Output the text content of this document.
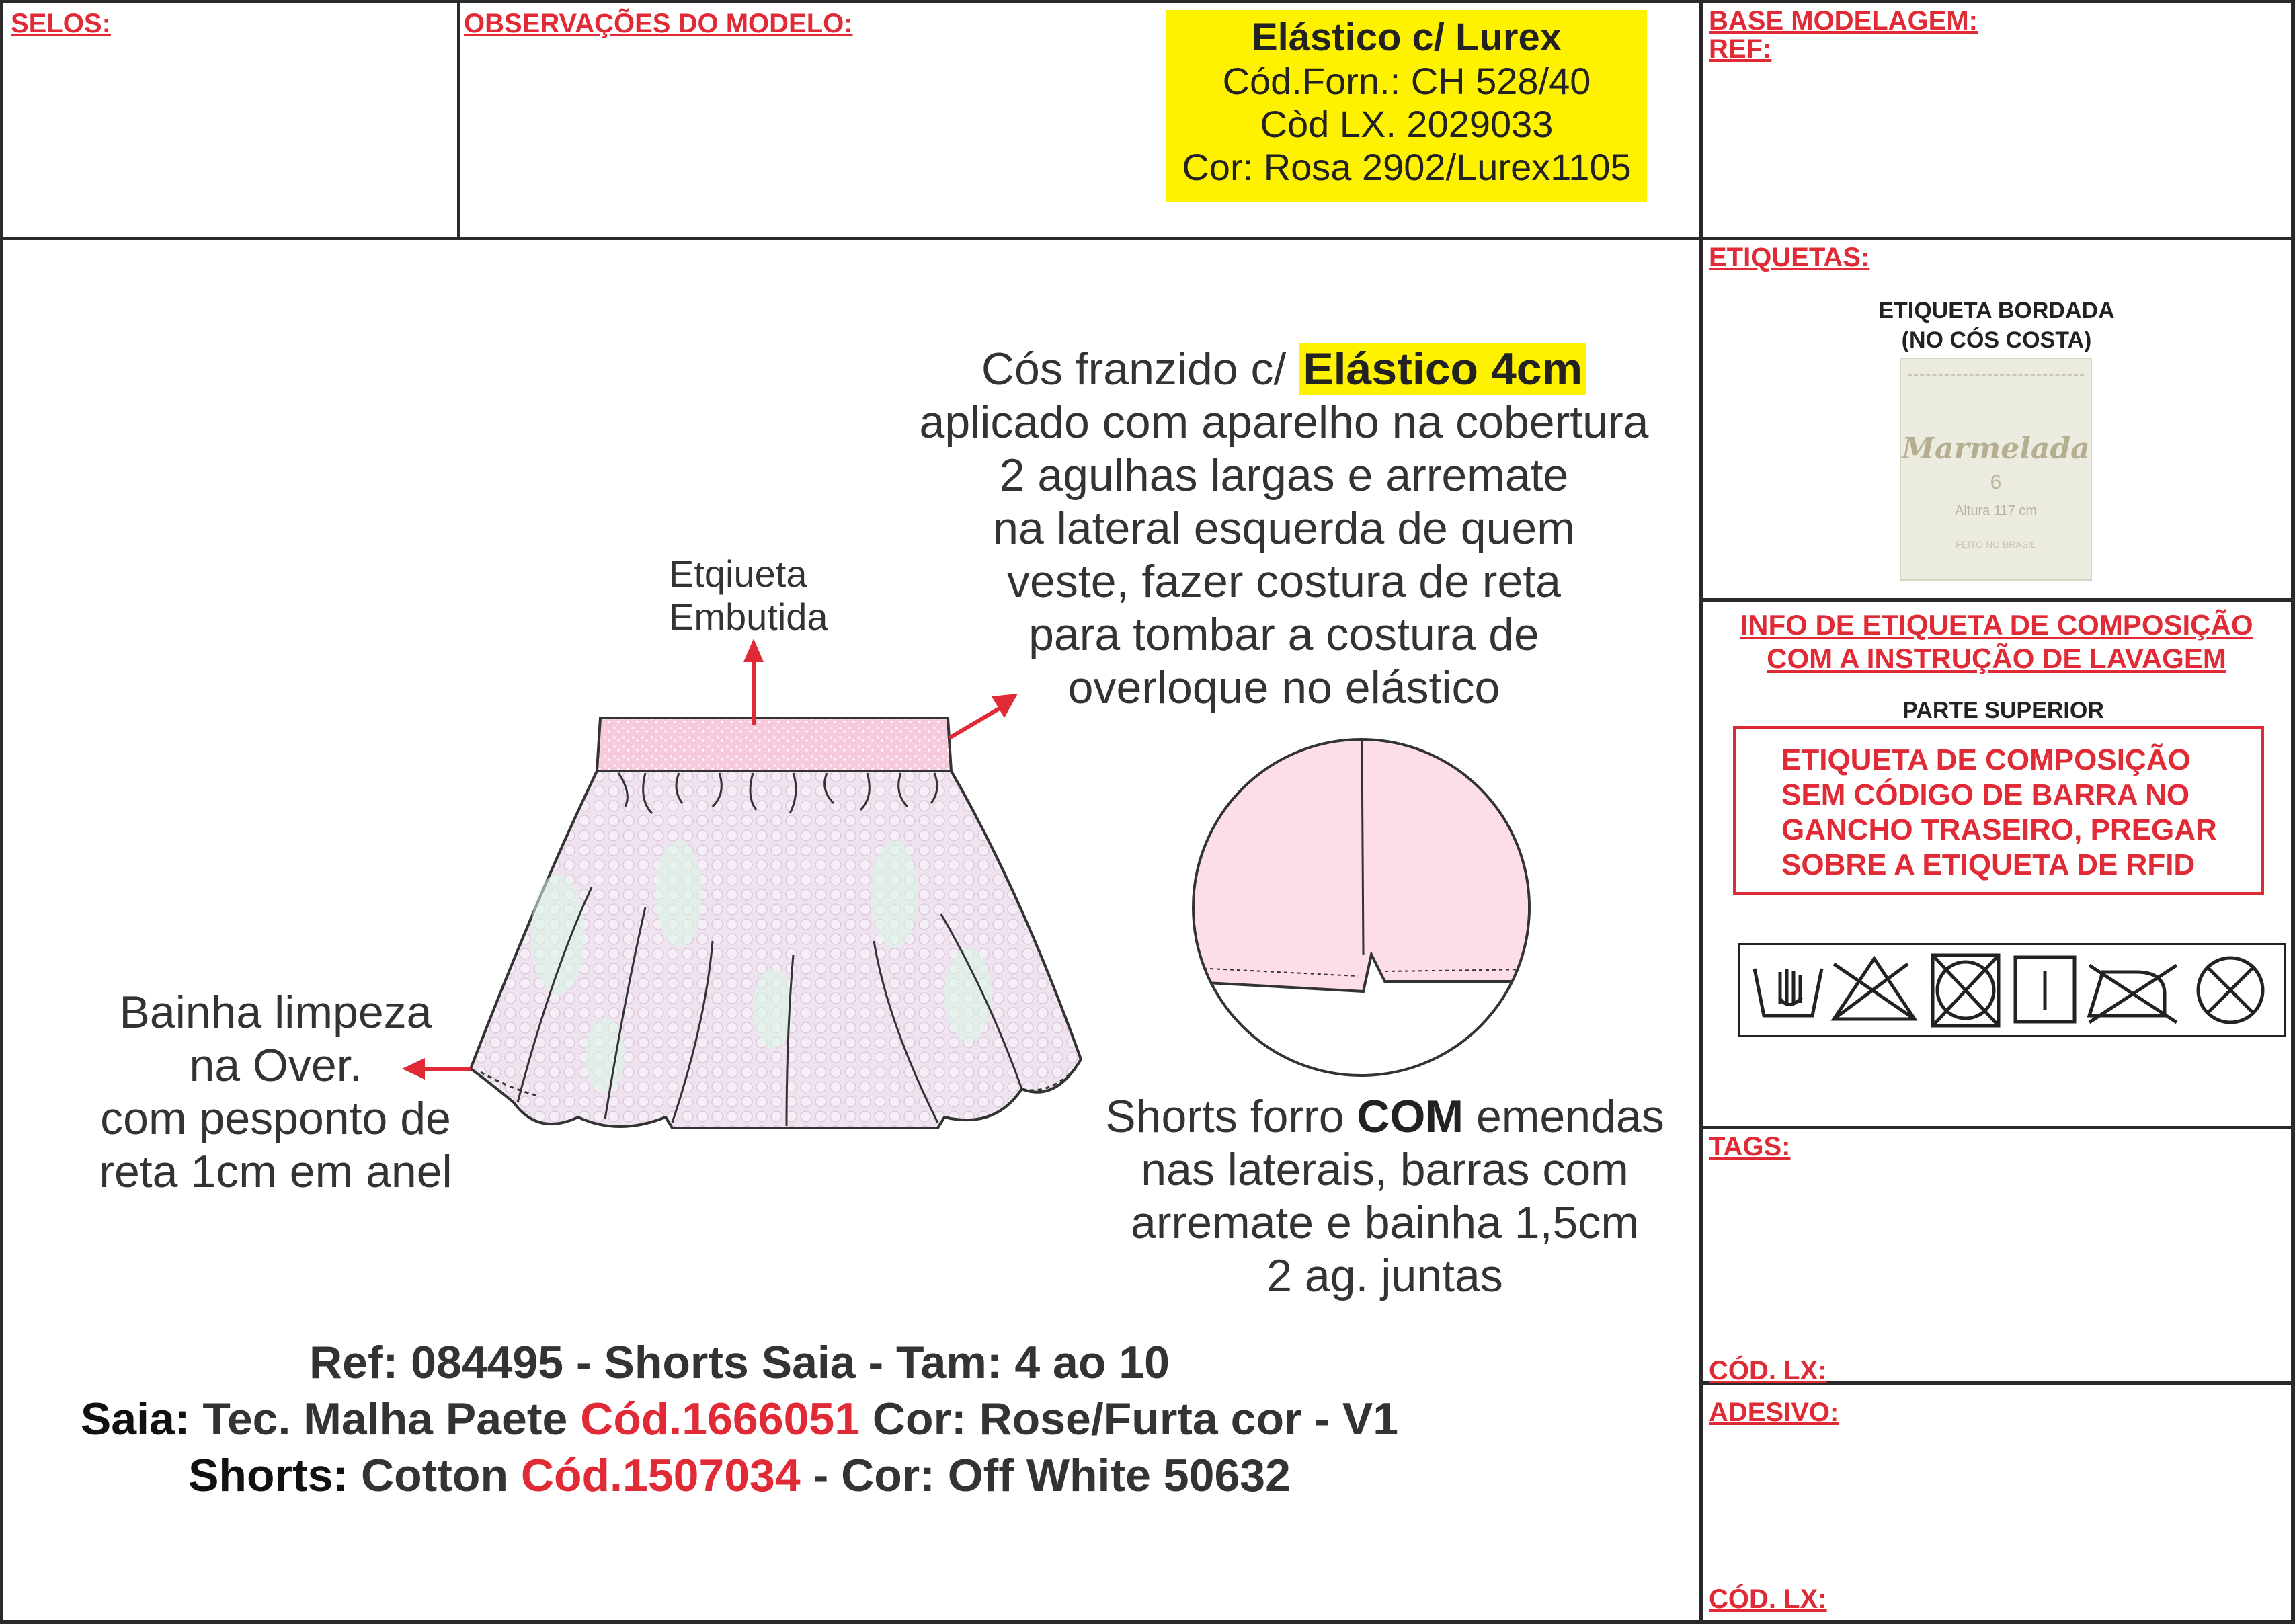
SELOS:	OBSERVAÇÕES DO MODELO:	Elástico c/ Lurex
Cód.Forn.: CH 528/40
Còd LX. 2029033
Cor: Rosa 2902/Lurex1105
BASE MODELAGEM:
REF:
ETIQUETAS:
ETIQUETA BORDADA
(NO CÓS COSTA)
Marmelada
6
Altura 117 cm
FEITO NO BRASIL
INFO DE ETIQUETA DE COMPOSIÇÃO
COM A INSTRUÇÃO DE LAVAGEM
PARTE SUPERIOR
ETIQUETA DE COMPOSIÇÃO
SEM CÓDIGO DE BARRA NO
GANCHO TRASEIRO, PREGAR
SOBRE A ETIQUETA DE RFID
TAGS:
CÓD. LX:
ADESIVO:
CÓD. LX:
Cós franzido c/ Elástico 4cm
aplicado com aparelho na cobertura
2 agulhas largas e arremate
na lateral esquerda de quem
veste, fazer costura de reta
para tombar a costura de
overloque no elástico
Etqiueta
Embutida
Bainha limpeza
na Over.
com pesponto de
reta 1cm em anel
Shorts forro COM emendas
nas laterais, barras com
arremate e bainha 1,5cm
2 ag. juntas
Ref: 084495 - Shorts Saia - Tam: 4 ao 10
Saia: Tec. Malha Paete Cód.1666051 Cor: Rose/Furta cor - V1
Shorts: Cotton Cód.1507034 - Cor: Off White 50632
